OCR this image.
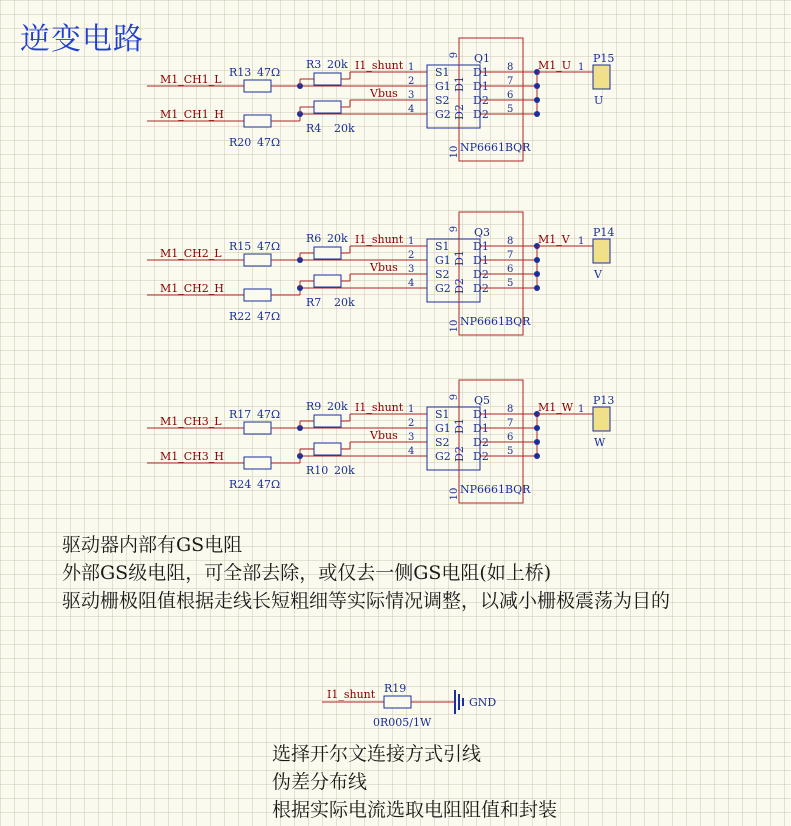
逆变电路
M1_CH1_L
M1_CH1_H
R13 47Ω
R20 47Ω
R3 20k
R4 20k
I1_shunt
Vbus
Q1
NP6661BQR
S1
1
G1
2
S2
3
G2
4
D1 8
D1 7
D2 6
D2 5
D1
D2
9
10
M1_U 1
P15
U
M1_CH2_L
M1_CH2_H
R15 47Ω
R22 47Ω
R6 20k
R7 20k
I1_shunt
Vbus
Q3
NP6661BQR
S1
1
G1
2
S2
3
G2
4
D1 8
D1 7
D2 6
D2 5
D1
D2
9
10
M1_V 1
P14
V
M1_CH3_L
M1_CH3_H
R17 47Ω
R24 47Ω
R9 20k
R10 20k
I1_shunt
Vbus
Q5
NP6661BQR
S1
1
G1
2
S2
3
G2
4
D1 8
D1 7
D2 6
D2 5
D1
D2
9
10
M1_W 1
P13
W
I1_shunt R19
0R005/1W
GND

驱动器内部有GS电阻

外部GS级电阻，可全部去除，或仅去一侧GS电阻(如上桥)

驱动栅极阻值根据走线长短粗细等实际情况调整，以减小栅极震荡为目的

选择开尔文连接方式引线

伪差分布线

根据实际电流选取电阻阻值和封装
